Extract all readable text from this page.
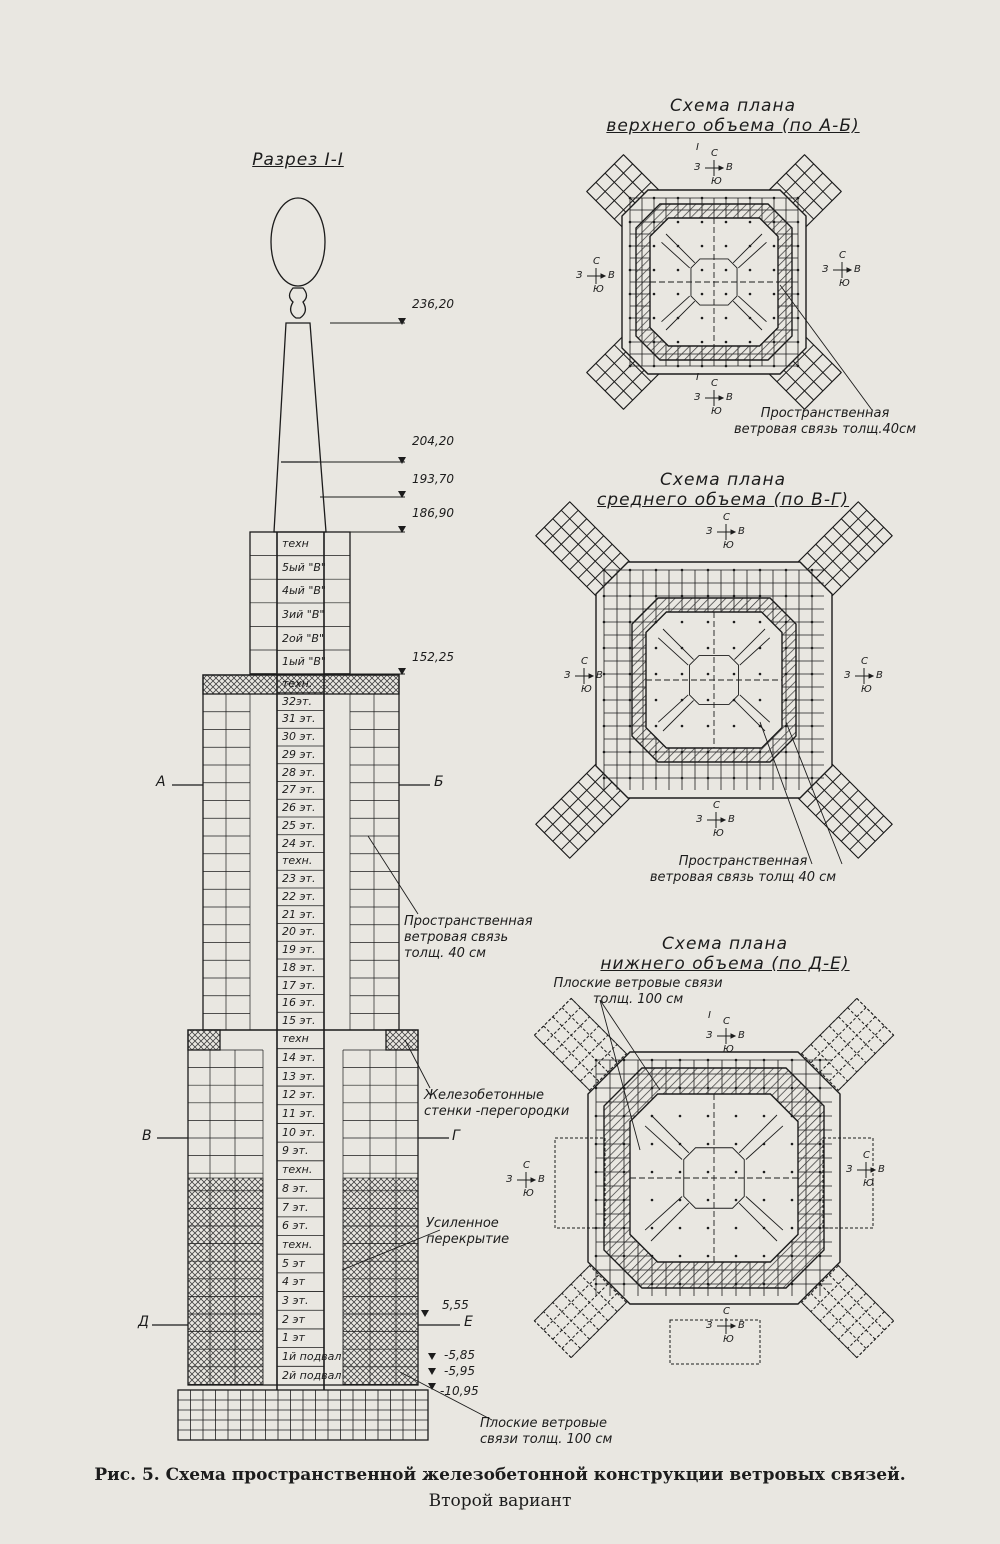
Разрез I-I
Схема плана
верхнего объема (по А-Б)
Схема плана
среднего объема (по В-Г)
Схема плана
нижнего объема (по Д-Е)
Пространственная
ветровая связь толщ.40см
Пространственная
ветровая связь толщ 40 см
Плоские ветровые связи
толщ. 100 см
Пространственная
ветровая связь
толщ. 40 см
Железобетонные
стенки -перегородки
Усиленное
перекрытие
Плоские ветровые
связи толщ. 100 см
236,20
204,20
193,70
186,90
152,25
5,55
-5,85
-5,95
-10,95
А	Б
В	Г
Д	Е
техн
5ый "В"
4ый "В"
3ий "В"
2ой "В"
1ый "В"
техн.
32эт.
31 эт.
30 эт.
29 эт.
28 эт.
27 эт.
26 эт.
25 эт.
24 эт.
техн.
23 эт.
22 эт.
21 эт.
20 эт.
19 эт.
18 эт.
17 эт.
16 эт.
15 эт.
техн
14 эт.
13 эт.
12 эт.
11 эт.
10 эт.
9 эт.
техн.
8 эт.
7 эт.
6 эт.
техн.
5 эт
4 эт
3 эт.
2 эт
1 эт
1й подвал
2й подвал
С
Ю
З	В
I
С
Ю
З	В
С
Ю
З	В
С
Ю
З	В
I
С
Ю
З	В
С
Ю
З	В
С
Ю
З	В
С
Ю
З	В
С
Ю
З	В
I
С
Ю
З	В
С
Ю
З	В
С
Ю
З	В
Рис. 5. Схема пространственной железобетонной конструкции ветровых связей.
Второй вариант
